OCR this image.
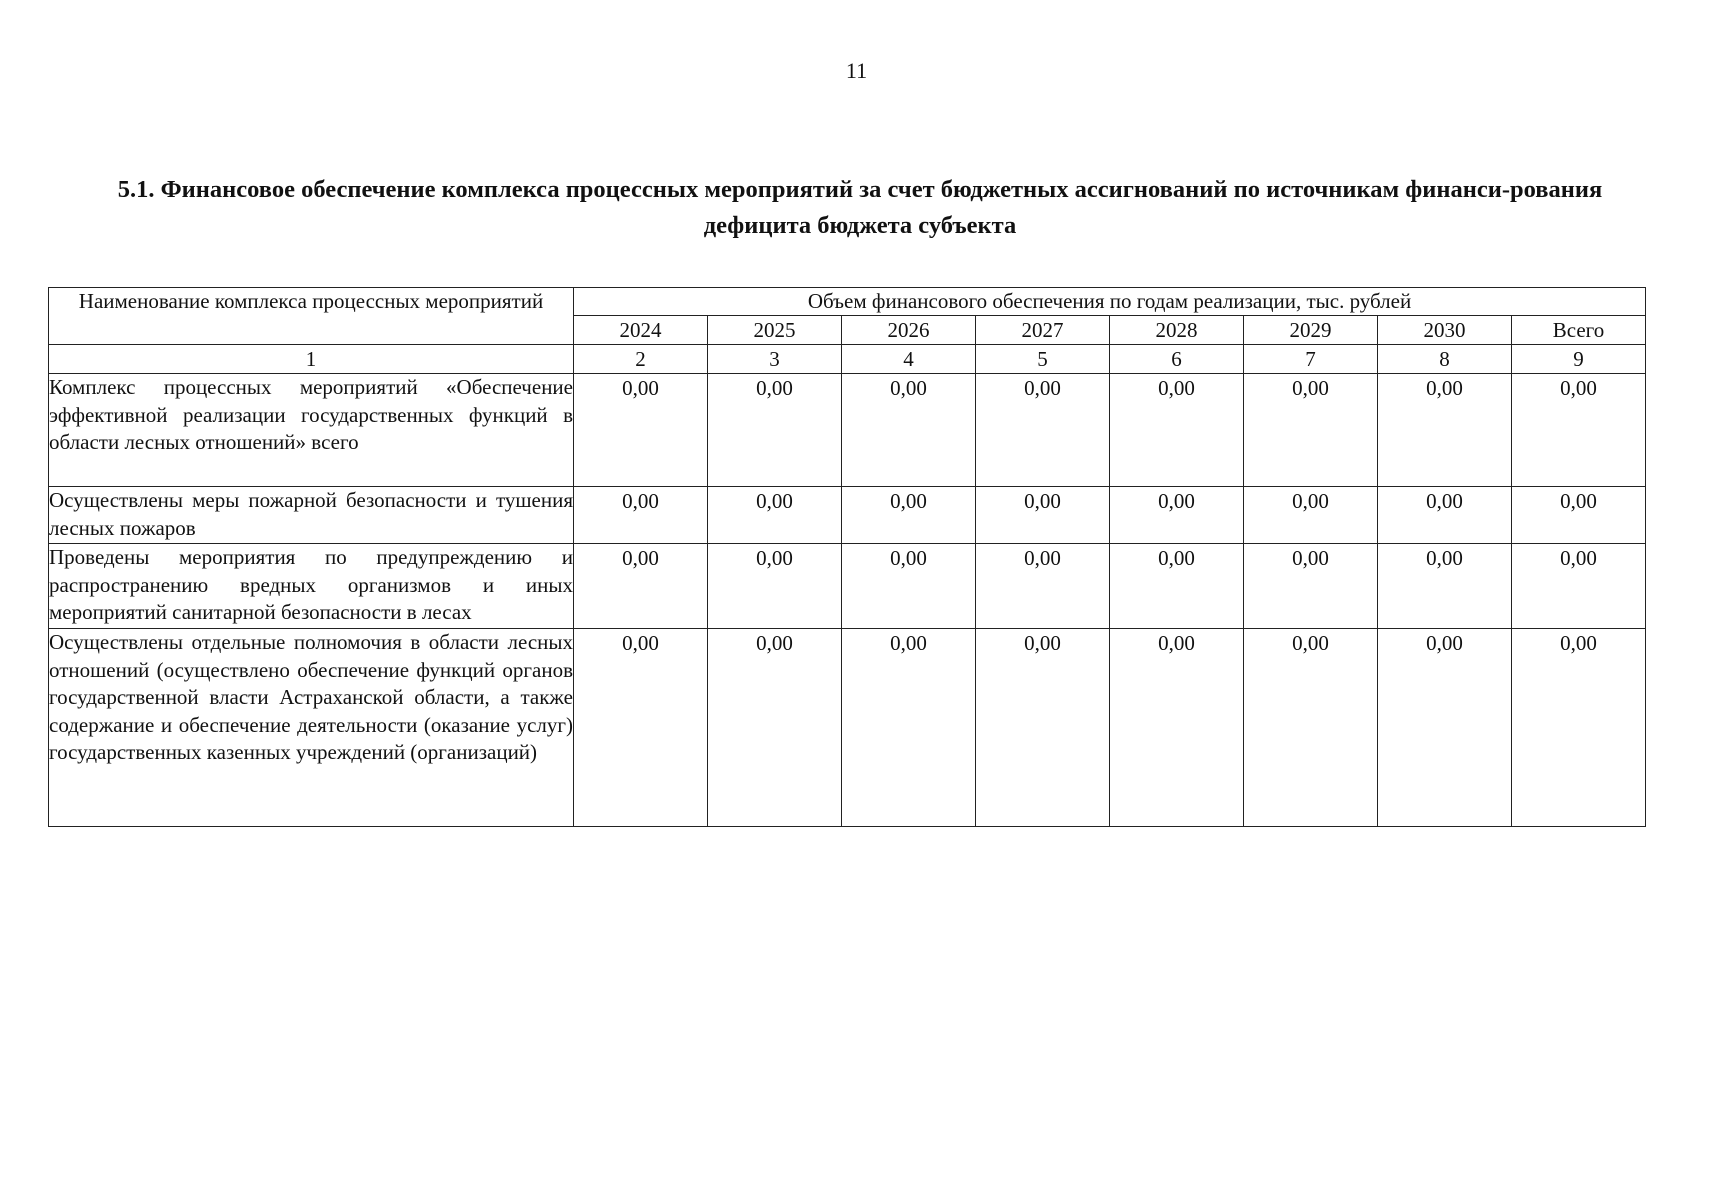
11
5.1. Финансовое обеспечение комплекса процессных мероприятий за счет бюджетных ассигнований по источникам финанси-рования дефицита бюджета субъекта
Наименование комплекса процессных мероприятий	Объем финансового обеспечения по годам реализации, тыс. рублей							
	2024	2025	2026	2027	2028	2029	2030	Всего
1	2	3	4	5	6	7	8	9
Комплекс процессных мероприятий «Обеспечение эффективной реализации государственных функций в области лесных отношений» всего	0,00	0,00	0,00	0,00	0,00	0,00	0,00	0,00
Осуществлены меры пожарной безопасности и тушения лесных пожаров	0,00	0,00	0,00	0,00	0,00	0,00	0,00	0,00
Проведены мероприятия по предупреждению и распространению вредных организмов и иных мероприятий санитарной безопасности в лесах	0,00	0,00	0,00	0,00	0,00	0,00	0,00	0,00
Осуществлены отдельные полномочия в области лесных отношений (осуществлено обеспечение функций органов государственной власти Астраханской области, а также содержание и обеспечение деятельности (оказание услуг) государственных казенных учреждений (организаций)	0,00	0,00	0,00	0,00	0,00	0,00	0,00	0,00
